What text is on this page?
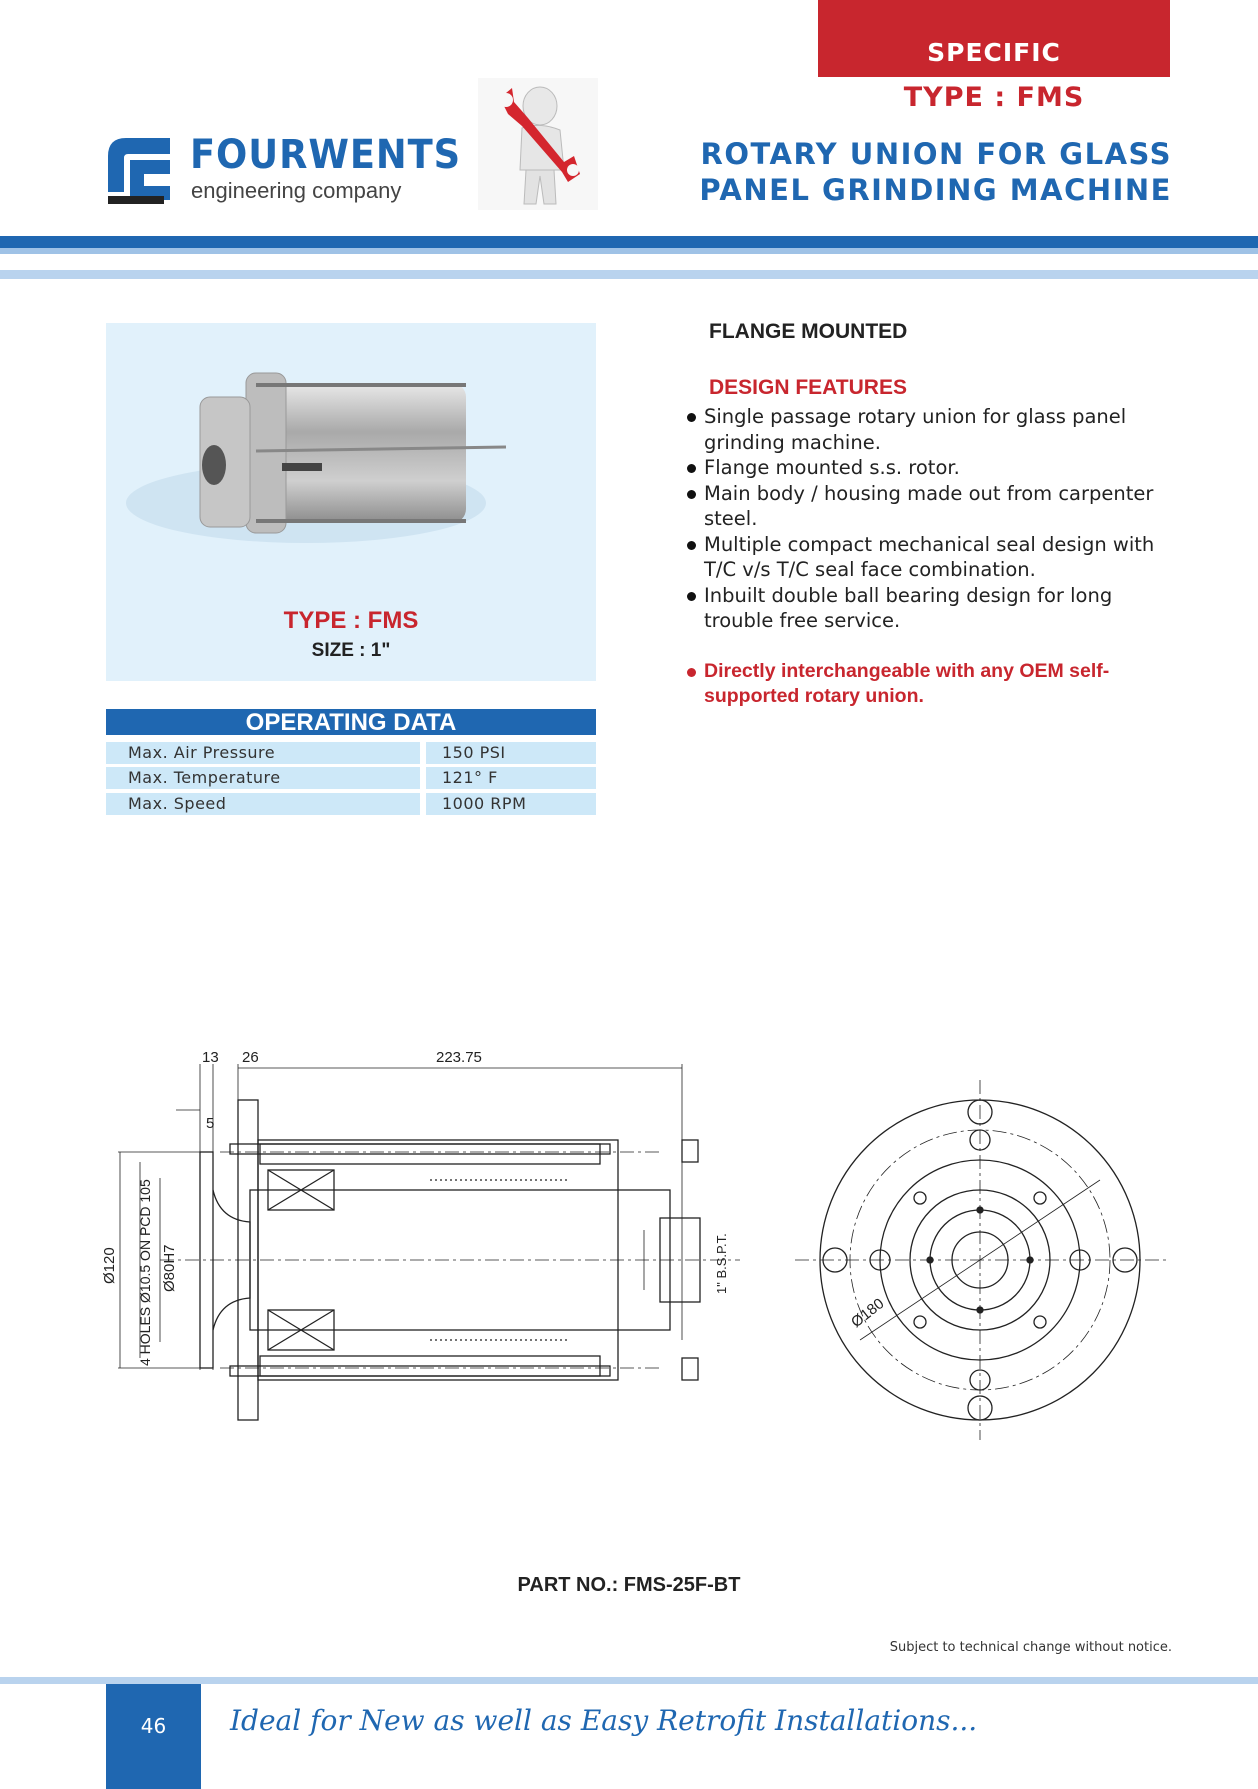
SPECIFIC
TYPE : FMS
ROTARY UNION FOR GLASS
PANEL GRINDING MACHINE
FOURWENTS
engineering company
TYPE : FMS
SIZE : 1"
OPERATING DATA
Max. Air Pressure	150 PSI
Max. Temperature	121° F
Max. Speed	1000 RPM
FLANGE MOUNTED
DESIGN FEATURES
Single passage rotary union for glass panel grinding machine.
Flange mounted s.s. rotor.
Main body / housing made out from carpenter steel.
Multiple compact mechanical seal design with T/C v/s T/C seal face combination.
Inbuilt double ball bearing design for long trouble free service.
Directly interchangeable with any OEM self-supported rotary union.
13 26	223.75
5
Ø120 4 HOLES Ø10.5 ON PCD 105 Ø80H7	1" B.S.P.T.
Ø180
PART NO.: FMS-25F-BT
Subject to technical change without notice.
46	Ideal for New as well as Easy Retrofit Installations...
